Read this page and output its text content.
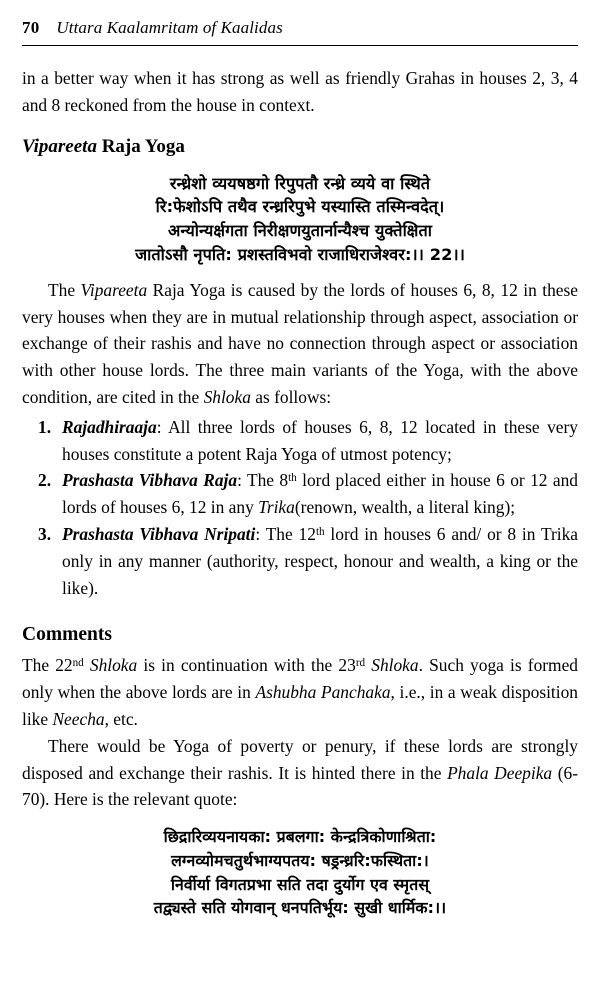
70 Uttara Kaalamritam of Kaalidas

in a better way when it has strong as well as friendly Grahas in houses 2, 3, 4 and 8 reckoned from the house in context.

Vipareeta Raja Yoga
रन्ध्रेशो व्ययषष्ठगो रिपुपतौ रन्ध्रे व्यये वा स्थिते
रि:फेशोऽपि तथैव रन्ध्ररिपुभे यस्यास्ति तस्मिन्वदेत्।
अन्योन्यर्क्षगता निरीक्षणयुतार्नान्यैश्च युक्तेक्षिता
जातोऽसौ नृपति: प्रशस्तविभवो राजाधिराजेश्वर:।। 22।।

The Vipareeta Raja Yoga is caused by the lords of houses 6, 8, 12 in these very houses when they are in mutual relationship through aspect, association or exchange of their rashis and have no connection through aspect or association with other house lords. The three main variants of the Yoga, with the above condition, are cited in the Shloka as follows:

1. Rajadhiraaja: All three lords of houses 6, 8, 12 located in these very houses constitute a potent Raja Yoga of utmost potency;
2. Prashasta Vibhava Raja: The 8th lord placed either in house 6 or 12 and lords of houses 6, 12 in any Trika(renown, wealth, a literal king);
3. Prashasta Vibhava Nripati: The 12th lord in houses 6 and/ or 8 in Trika only in any manner (authority, respect, honour and wealth, a king or the like).
Comments

The 22nd Shloka is in continuation with the 23rd Shloka. Such yoga is formed only when the above lords are in Ashubha Panchaka, i.e., in a weak disposition like Neecha, etc.

There would be Yoga of poverty or penury, if these lords are strongly disposed and exchange their rashis. It is hinted there in the Phala Deepika (6-70). Here is the relevant quote:

छिद्रारिव्ययनायका: प्रबलगा: केन्द्रत्रिकोणाश्रिता:
लग्नव्योमचतुर्थभाग्यपतय: षड्रन्ध्ररि:फस्थिता:।
निर्वीर्या विगतप्रभा सति तदा दुर्योग एव स्मृतस्
तद्व्यस्ते सति योगवान् धनपतिर्भूय: सुखी धार्मिक:।।
